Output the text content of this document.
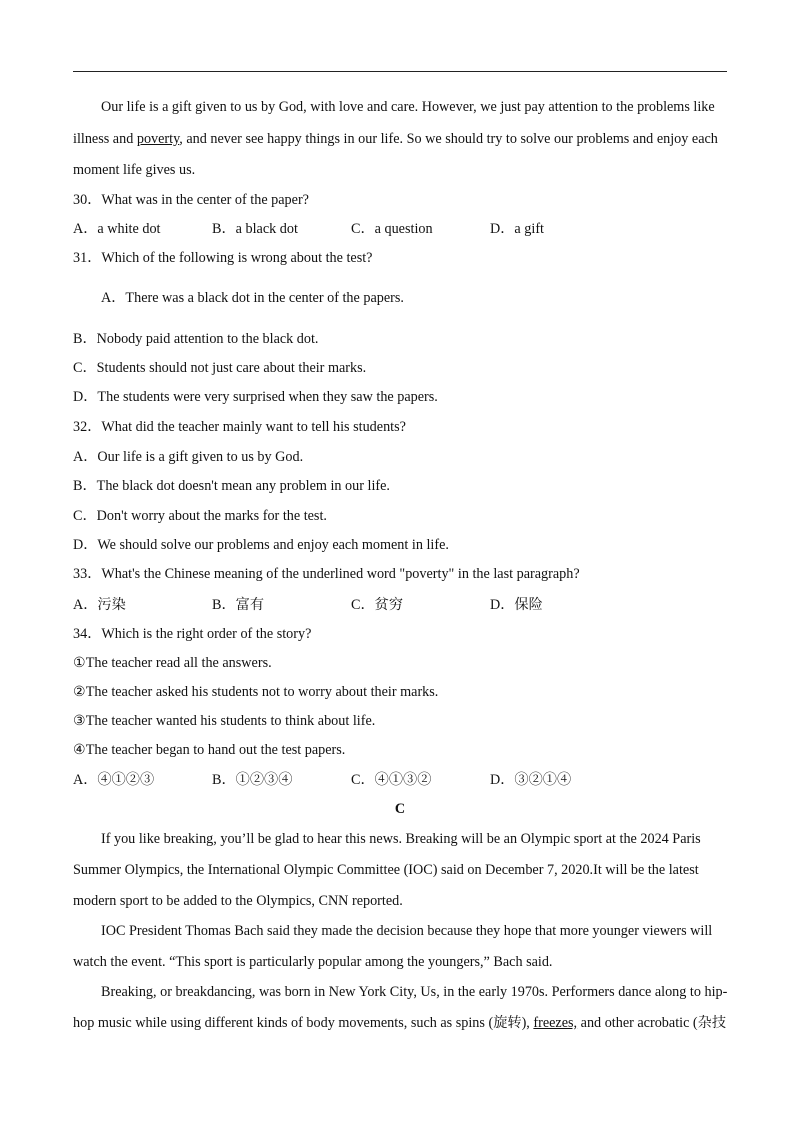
Our life is a gift given to us by God, with love and care. However, we just pay attention to the problems like
illness and poverty, and never see happy things in our life. So we should try to solve our problems and enjoy each
moment life gives us.
30．What was in the center of the paper?
A．a white dot	B．a black dot	C．a question	D．a gift
31．Which of the following is wrong about the test?
A．There was a black dot in the center of the papers.
B．Nobody paid attention to the black dot.
C．Students should not just care about their marks.
D．The students were very surprised when they saw the papers.
32．What did the teacher mainly want to tell his students?
A．Our life is a gift given to us by God.
B．The black dot doesn't mean any problem in our life.
C．Don't worry about the marks for the test.
D．We should solve our problems and enjoy each moment in life.
33．What's the Chinese meaning of the underlined word "poverty" in the last paragraph?
A．污染	B．富有	C．贫穷	D．保险
34．Which is the right order of the story?
①The teacher read all the answers.
②The teacher asked his students not to worry about their marks.
③The teacher wanted his students to think about life.
④The teacher began to hand out the test papers.
A．④①②③	B．①②③④	C．④①③②	D．③②①④
C
If you like breaking, you’ll be glad to hear this news. Breaking will be an Olympic sport at the 2024 Paris
Summer Olympics, the International Olympic Committee (IOC) said on December 7, 2020.It will be the latest
modern sport to be added to the Olympics, CNN reported.
IOC President Thomas Bach said they made the decision because they hope that more younger viewers will
watch the event. “This sport is particularly popular among the youngers,” Bach said.
Breaking, or breakdancing, was born in New York City, Us, in the early 1970s. Performers dance along to hip-
hop music while using different kinds of body movements, such as spins (旋转), freezes, and other acrobatic (杂技
